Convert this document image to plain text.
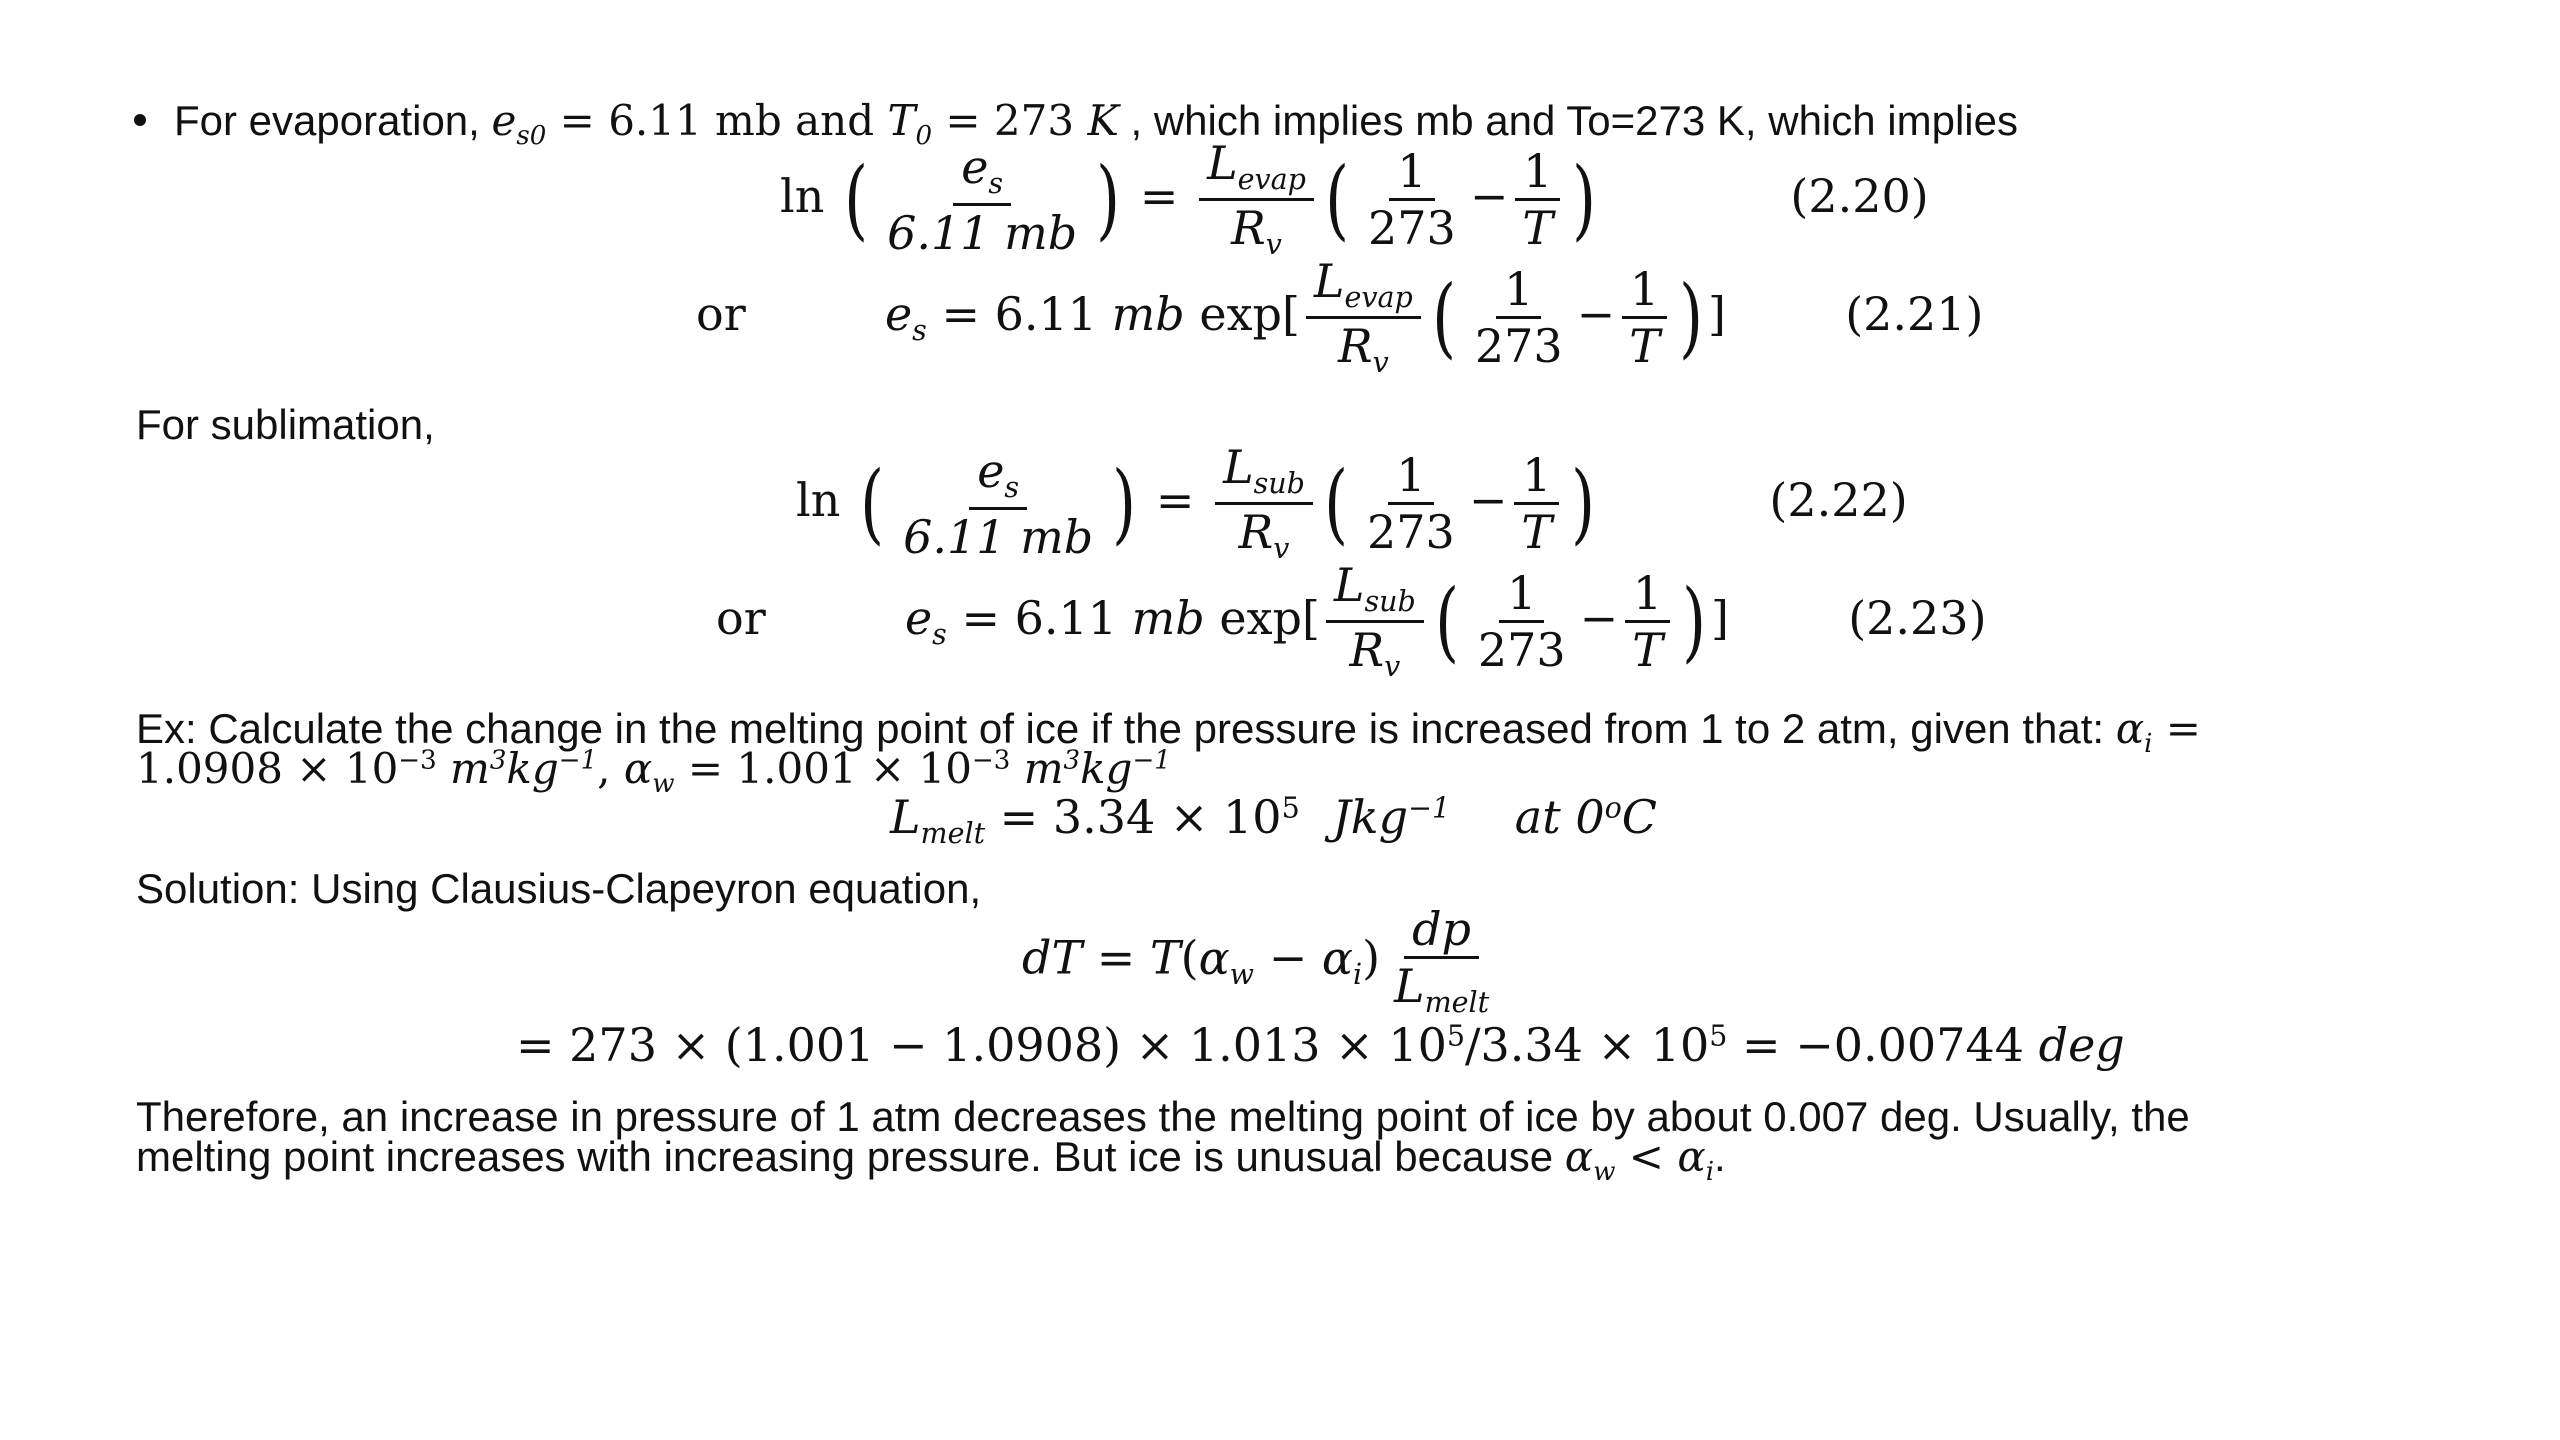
For evaporation, $e_{s0} = 6.11$ mb and $T_0 = 273$ K , which implies mb and To=273 K, which implies
ln ( $\frac{e_s}{6.11 mb}$ ) = $\frac{L_{evap}}{R_v}$ ( $\frac{1}{273} - \frac{1}{T}$ )	(2.20)
or	$e_s = 6.11$ mb $\exp[ \frac{L_{evap}}{R_v}$ ( $\frac{1}{273} - \frac{1}{T}$ ) ]	(2.21)
For sublimation,
ln ( $\frac{e_s}{6.11 mb}$ ) = $\frac{L_{sub}}{R_v}$ ( $\frac{1}{273} - \frac{1}{T}$ )	(2.22)
or	$e_s = 6.11$ mb $\exp[ \frac{L_{sub}}{R_v}$ ( $\frac{1}{273} - \frac{1}{T}$ ) ]	(2.23)
Ex: Calculate the change in the melting point of ice if the pressure is increased from 1 to 2 atm, given that: $\alpha_i$ =
$1.0908 \times 10^{-3}$ $m^3kg^{-1}$, $\alpha_w = 1.001 \times 10^{-3}$ $m^3kg^{-1}$
$L_{melt} = 3.34 \times 10^5$ Jkg$^{-1}$ at 0$^o$C
Solution: Using Clausius-Clapeyron equation,
dT = $T(\alpha_w - \alpha_i) \frac{dp}{L_{melt}}$
= $273 \times (1.001 - 1.0908) \times 1.013 \times 10^5/3.34 \times 10^5 = -0.00744$ deg
Therefore, an increase in pressure of 1 atm decreases the melting point of ice by about 0.007 deg. Usually, the
melting point increases with increasing pressure. But ice is unusual because $\alpha_w < \alpha_i$.
